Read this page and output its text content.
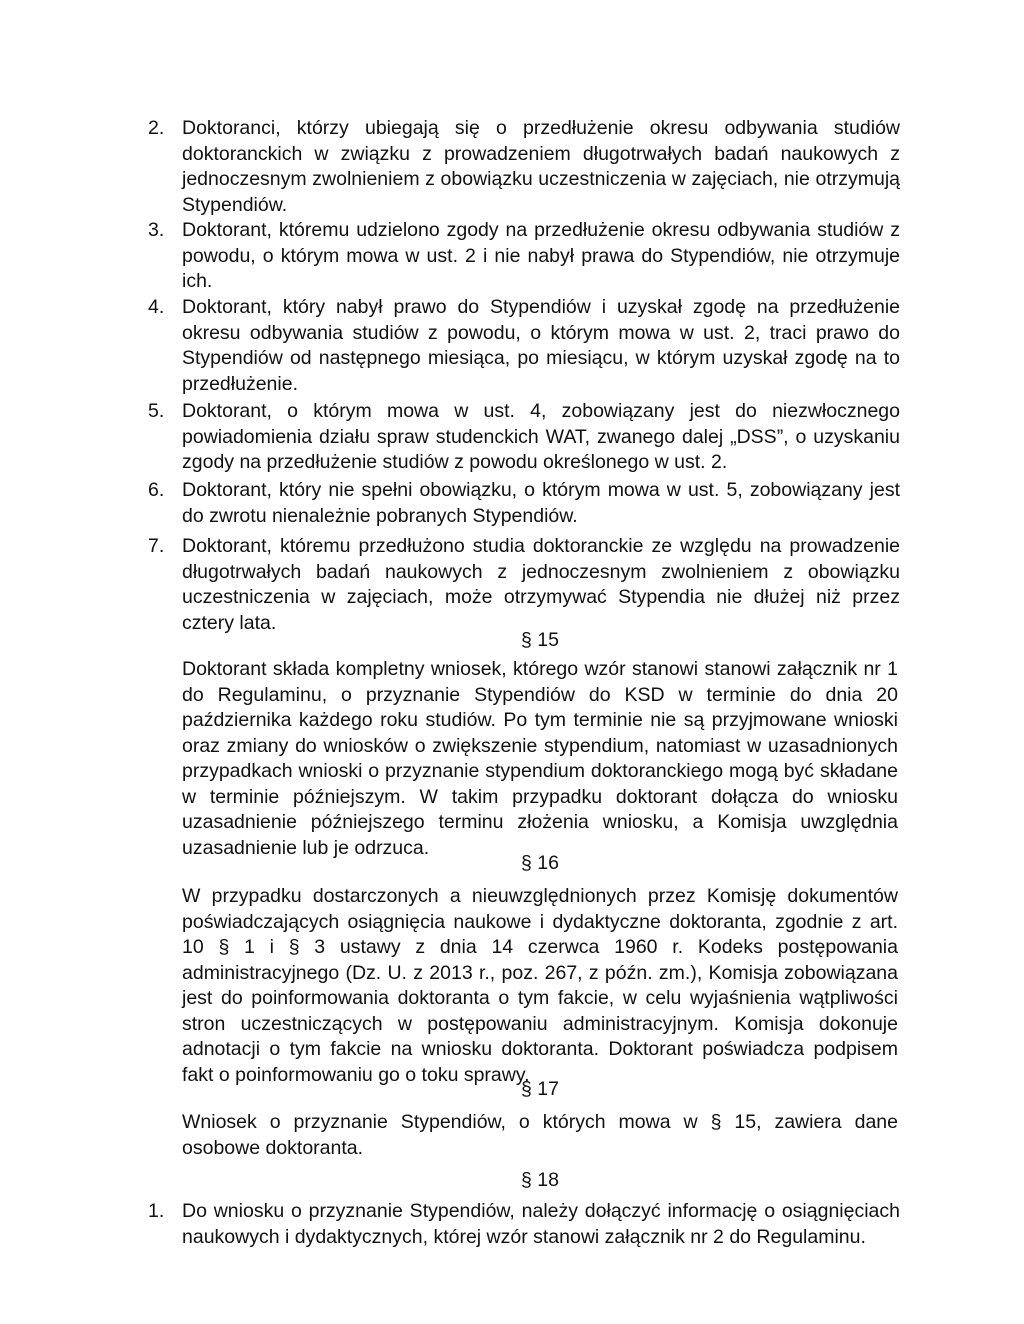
2. Doktoranci, którzy ubiegają się o przedłużenie okresu odbywania studiów doktoranckich w związku z prowadzeniem długotrwałych badań naukowych z jednoczesnym zwolnieniem z obowiązku uczestniczenia w zajęciach, nie otrzymują Stypendiów.
3. Doktorant, któremu udzielono zgody na przedłużenie okresu odbywania studiów z powodu, o którym mowa w ust. 2 i nie nabył prawa do Stypendiów, nie otrzymuje ich.
4. Doktorant, który nabył prawo do Stypendiów i uzyskał zgodę na przedłużenie okresu odbywania studiów z powodu, o którym mowa w ust. 2, traci prawo do Stypendiów od następnego miesiąca, po miesiącu, w którym uzyskał zgodę na to przedłużenie.
5. Doktorant, o którym mowa w ust. 4, zobowiązany jest do niezwłocznego powiadomienia działu spraw studenckich WAT, zwanego dalej „DSS”, o uzyskaniu zgody na przedłużenie studiów z powodu określonego w ust. 2.
6. Doktorant, który nie spełni obowiązku, o którym mowa w ust. 5, zobowiązany jest do zwrotu nienależnie pobranych Stypendiów.
7. Doktorant, któremu przedłużono studia doktoranckie ze względu na prowadzenie długotrwałych badań naukowych z jednoczesnym zwolnieniem z obowiązku uczestniczenia w zajęciach, może otrzymywać Stypendia nie dłużej niż przez cztery lata.
§ 15
Doktorant składa kompletny wniosek, którego wzór stanowi stanowi załącznik nr 1 do Regulaminu, o przyznanie Stypendiów do KSD w terminie do dnia 20 października każdego roku studiów. Po tym terminie nie są przyjmowane wnioski oraz zmiany do wniosków o zwiększenie stypendium, natomiast w uzasadnionych przypadkach wnioski o przyznanie stypendium doktoranckiego mogą być składane w terminie późniejszym. W takim przypadku doktorant dołącza do wniosku uzasadnienie późniejszego terminu złożenia wniosku, a Komisja uwzględnia uzasadnienie lub je odrzuca.
§ 16
W przypadku dostarczonych a nieuwzględnionych przez Komisję dokumentów poświadczających osiągnięcia naukowe i dydaktyczne doktoranta, zgodnie z art. 10 § 1 i § 3 ustawy z dnia 14 czerwca 1960 r. Kodeks postępowania administracyjnego (Dz. U. z 2013 r., poz. 267, z późn. zm.), Komisja zobowiązana jest do poinformowania doktoranta o tym fakcie, w celu wyjaśnienia wątpliwości stron uczestniczących w postępowaniu administracyjnym. Komisja dokonuje adnotacji o tym fakcie na wniosku doktoranta. Doktorant poświadcza podpisem fakt o poinformowaniu go o toku sprawy.
§ 17
Wniosek o przyznanie Stypendiów, o których mowa w § 15, zawiera dane osobowe doktoranta.
§ 18
1. Do wniosku o przyznanie Stypendiów, należy dołączyć informację o osiągnięciach naukowych i dydaktycznych, której wzór stanowi załącznik nr 2 do Regulaminu.
